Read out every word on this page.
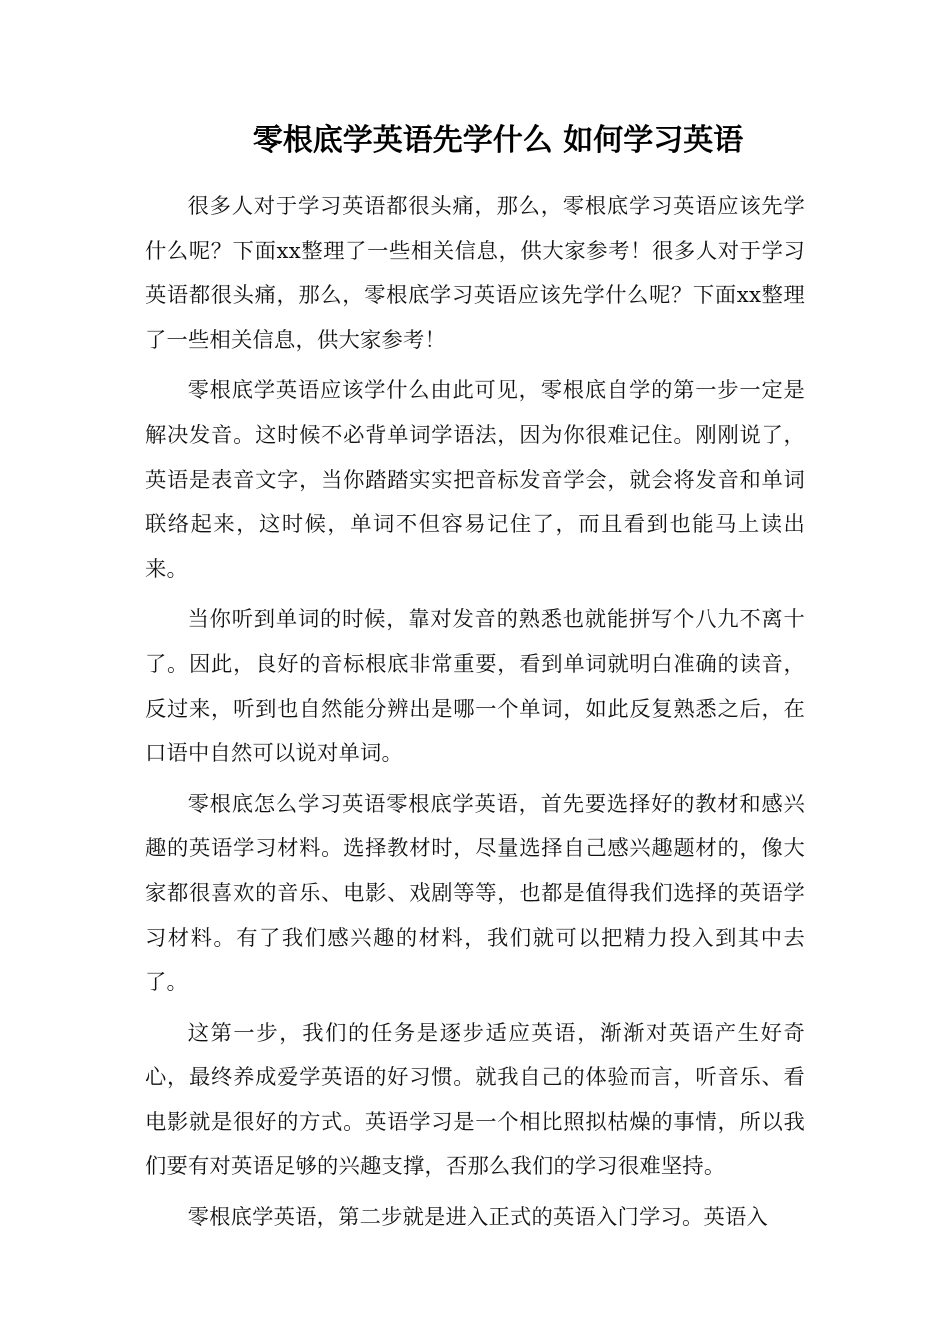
零根底学英语先学什么 如何学习英语

很多人对于学习英语都很头痛，那么，零根底学习英语应该先学什么呢？下面xx整理了一些相关信息，供大家参考！很多人对于学习英语都很头痛，那么，零根底学习英语应该先学什么呢？下面xx整理了一些相关信息，供大家参考！

零根底学英语应该学什么由此可见，零根底自学的第一步一定是解决发音。这时候不必背单词学语法，因为你很难记住。刚刚说了，英语是表音文字，当你踏踏实实把音标发音学会，就会将发音和单词联络起来，这时候，单词不但容易记住了，而且看到也能马上读出来。

当你听到单词的时候，靠对发音的熟悉也就能拼写个八九不离十了。因此，良好的音标根底非常重要，看到单词就明白准确的读音，反过来，听到也自然能分辨出是哪一个单词，如此反复熟悉之后，在口语中自然可以说对单词。

零根底怎么学习英语零根底学英语，首先要选择好的教材和感兴趣的英语学习材料。选择教材时，尽量选择自己感兴趣题材的，像大家都很喜欢的音乐、电影、戏剧等等，也都是值得我们选择的英语学习材料。有了我们感兴趣的材料，我们就可以把精力投入到其中去了。

这第一步，我们的任务是逐步适应英语，渐渐对英语产生好奇心，最终养成爱学英语的好习惯。就我自己的体验而言，听音乐、看电影就是很好的方式。英语学习是一个相比照拟枯燥的事情，所以我们要有对英语足够的兴趣支撑，否那么我们的学习很难坚持。

零根底学英语，第二步就是进入正式的英语入门学习。英语入
